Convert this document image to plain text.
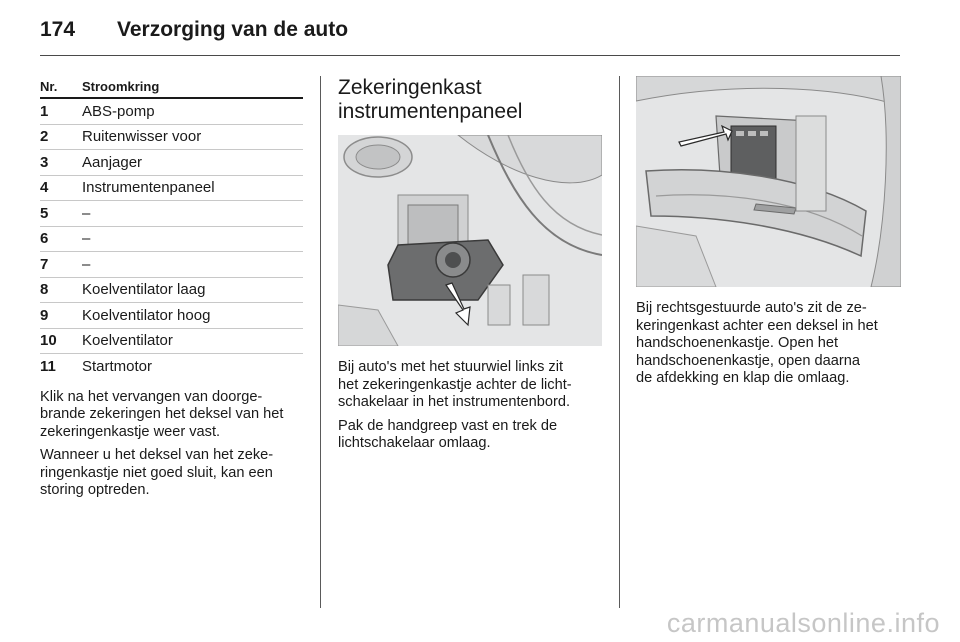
174 Verzorging van de auto
Nr.	Stroomkring
1	ABS-pomp
2	Ruitenwisser voor
3	Aanjager
4	Instrumentenpaneel
5	–
6	–
7	–
8	Koelventilator laag
9	Koelventilator hoog
10	Koelventilator
11	Startmotor

Klik na het vervangen van doorge-
brande zekeringen het deksel van het
zekeringenkastje weer vast.

Wanneer u het deksel van het zeke-
ringenkastje niet goed sluit, kan een
storing optreden.

Zekeringenkast
instrumentenpaneel

Bij auto's met het stuurwiel links zit
het zekeringenkastje achter de licht-
schakelaar in het instrumentenbord.

Pak de handgreep vast en trek de
lichtschakelaar omlaag.

Bij rechtsgestuurde auto's zit de ze-
keringenkast achter een deksel in het
handschoenenkastje. Open het
handschoenenkastje, open daarna
de afdekking en klap die omlaag.

carmanualsonline.info
